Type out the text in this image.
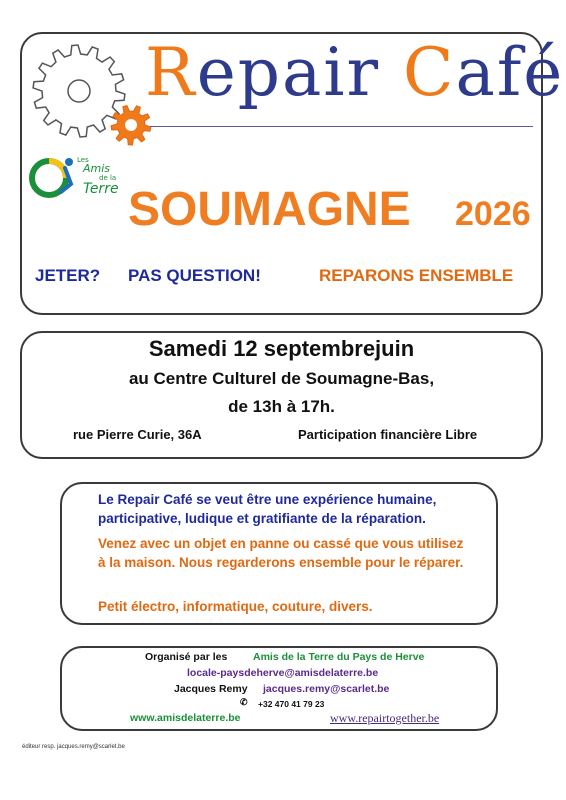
Repair Café
Les
Amis
de la
Terre SOUMAGNE 2026
JETER? PAS QUESTION!	REPARONS ENSEMBLE
Samedi 12 septembrejuin
au Centre Culturel de Soumagne-Bas,
de 13h à 17h.
rue Pierre Curie, 36A	Participation financière Libre
Le Repair Café se veut être une expérience humaine, participative, ludique et gratifiante de la réparation.
Venez avec un objet en panne ou cassé que vous utilisez à la maison. Nous regarderons ensemble pour le réparer.
Petit électro, informatique, couture, divers.
Organisé par les Amis de la Terre du Pays de Herve
locale-paysdeherve@amisdelaterre.be
Jacques Remy jacques.remy@scarlet.be
✆ +32 470 41 79 23
www.amisdelaterre.be	www.repairtogether.be
éditeur resp. jacques.remy@scarlet.be
